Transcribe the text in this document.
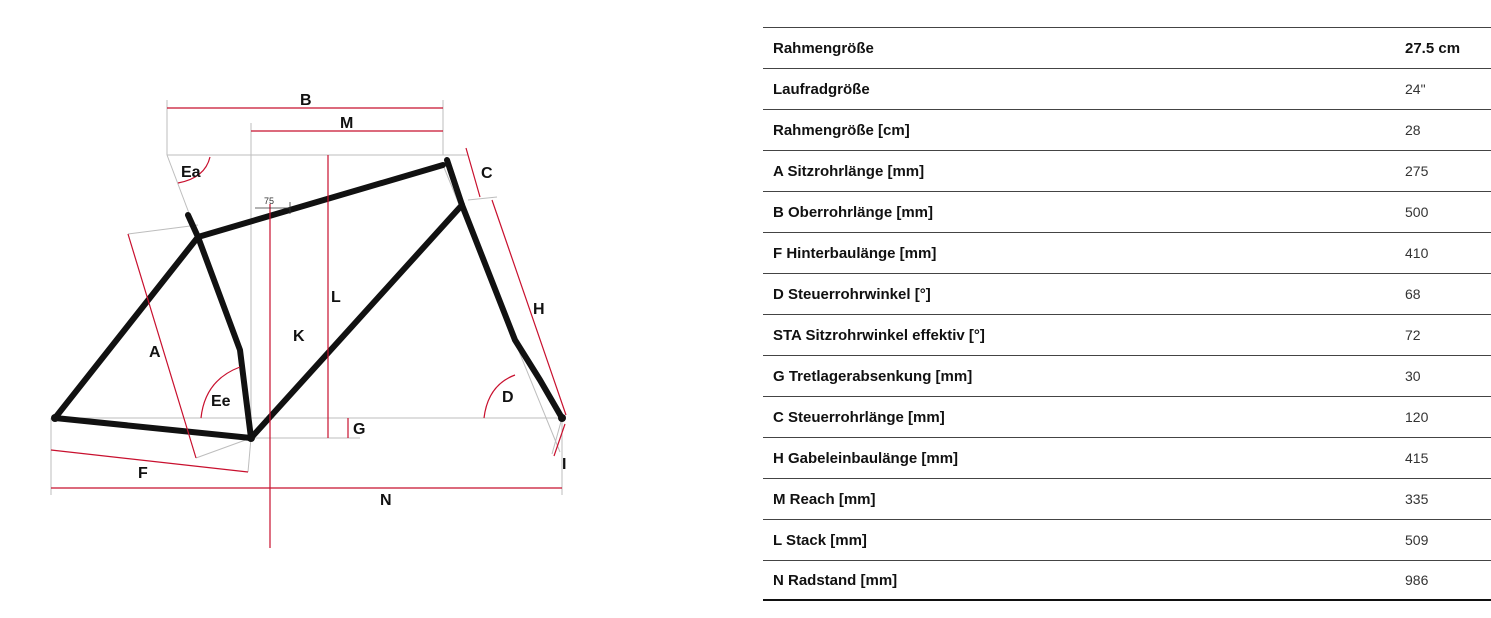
B
M
Ea	C
75
L
H
K
A
Ee	D
G
I
F
N
Rahmengröße	27.5 cm
Laufradgröße	24"
Rahmengröße [cm]	28
A Sitzrohrlänge [mm]	275
B Oberrohrlänge [mm]	500
F Hinterbaulänge [mm]	410
D Steuerrohrwinkel [°]	68
STA Sitzrohrwinkel effektiv [°]	72
G Tretlagerabsenkung [mm]	30
C Steuerrohrlänge [mm]	120
H Gabeleinbaulänge [mm]	415
M Reach [mm]	335
L Stack [mm]	509
N Radstand [mm]	986
